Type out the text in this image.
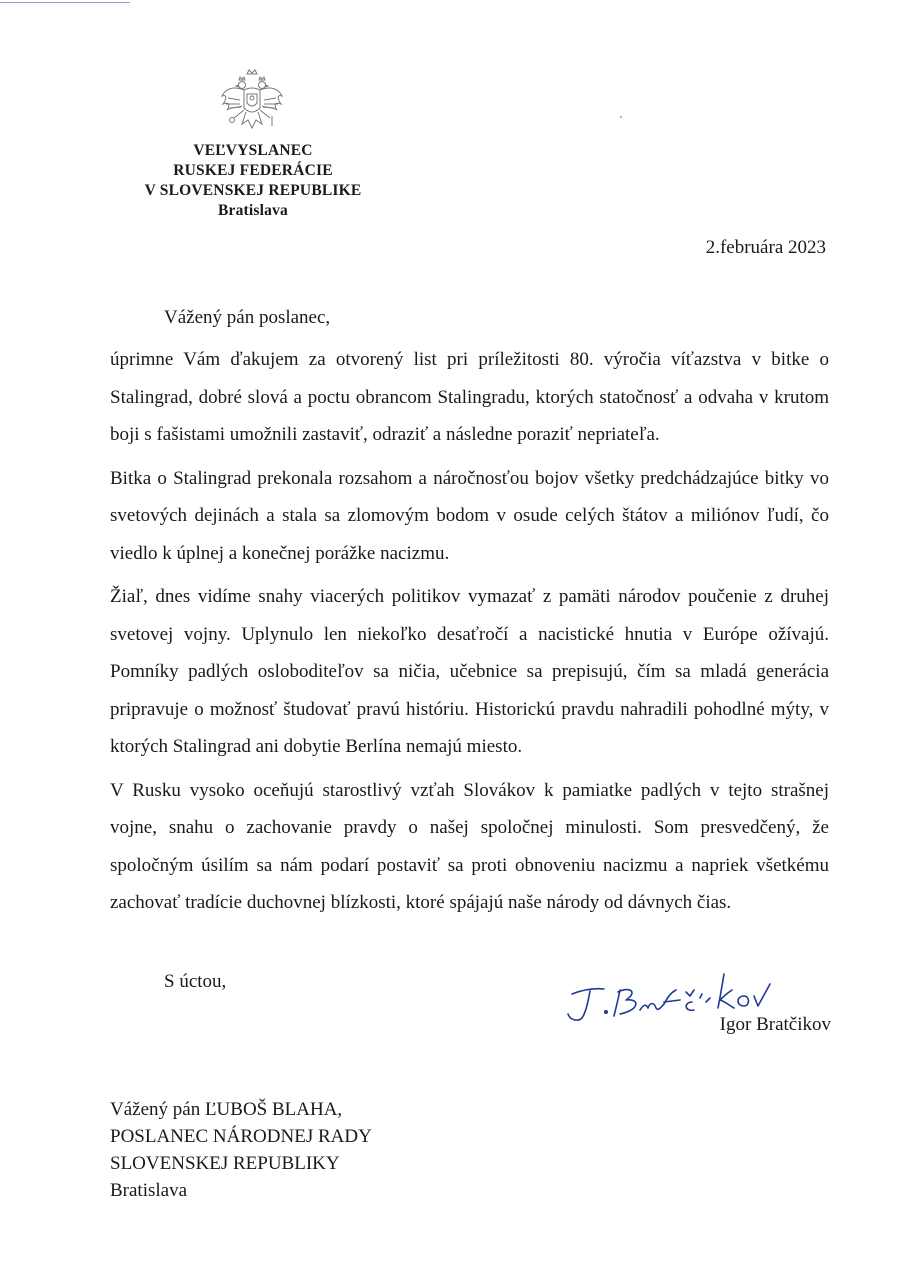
VEĽVYSLANEC
RUSKEJ FEDERÁCIE
V SLOVENSKEJ REPUBLIKE
Bratislava
2.februára 2023
Vážený pán poslanec,

úprimne Vám ďakujem za otvorený list pri príležitosti 80. výročia víťazstva v bitke o Stalingrad, dobré slová a poctu obrancom Stalingradu, ktorých statočnosť a odvaha v krutom boji s fašistami umožnili zastaviť, odraziť a následne poraziť nepriateľa.

Bitka o Stalingrad prekonala rozsahom a náročnosťou bojov všetky predchádzajúce bitky vo svetových dejinách a stala sa zlomovým bodom v osude celých štátov a miliónov ľudí, čo viedlo k úplnej a konečnej porážke nacizmu.

Žiaľ, dnes vidíme snahy viacerých politikov vymazať z pamäti národov poučenie z druhej svetovej vojny. Uplynulo len niekoľko desaťročí a nacistické hnutia v Európe ožívajú. Pomníky padlých osloboditeľov sa ničia, učebnice sa prepisujú, čím sa mladá generácia pripravuje o možnosť študovať pravú históriu. Historickú pravdu nahradili pohodlné mýty, v ktorých Stalingrad ani dobytie Berlína nemajú miesto.

V Rusku vysoko oceňujú starostlivý vzťah Slovákov k pamiatke padlých v tejto strašnej vojne, snahu o zachovanie pravdy o našej spoločnej minulosti. Som presvedčený, že spoločným úsilím sa nám podarí postaviť sa proti obnoveniu nacizmu a napriek všetkému zachovať tradície duchovnej blízkosti, ktoré spájajú naše národy od dávnych čias.

S úctou,
Igor Bratčikov
Vážený pán ĽUBOŠ BLAHA,
POSLANEC NÁRODNEJ RADY
SLOVENSKEJ REPUBLIKY
Bratislava
